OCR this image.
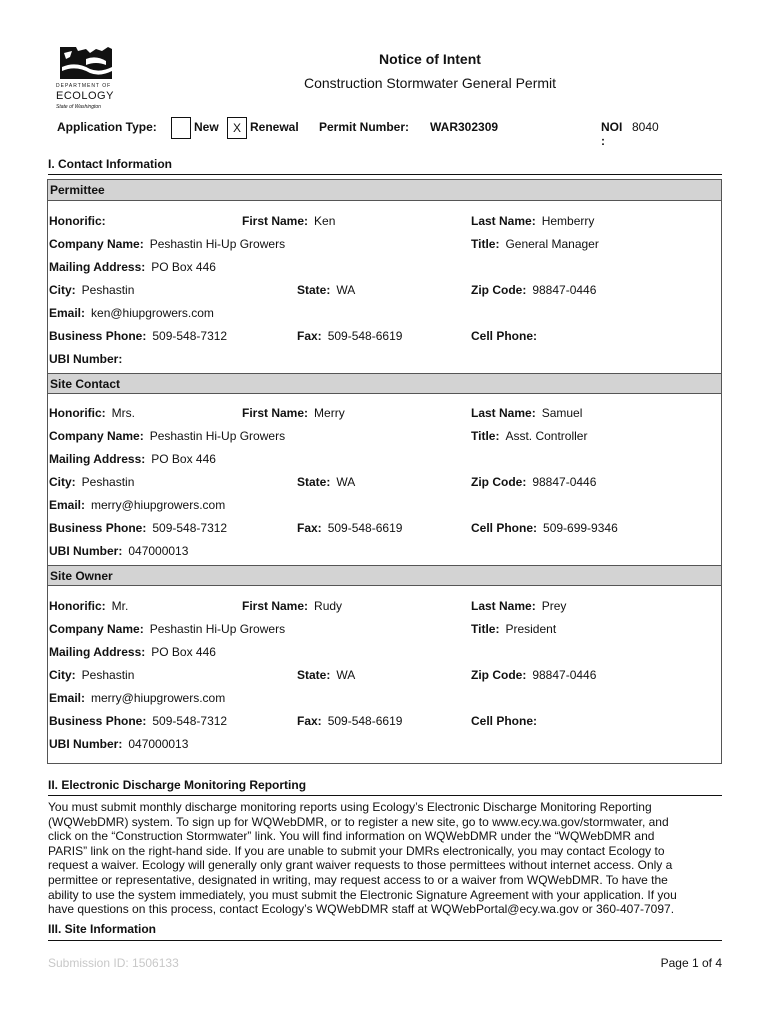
DEPARTMENT OF
ECOLOGY
State of Washington
Notice of Intent
Construction Stormwater General Permit
Application Type:	New	X Renewal Permit Number: WAR302309	NOI
:
8040
I. Contact Information
Permittee
Honorific:	First Name: Ken	Last Name: Hemberry
Company Name: Peshastin Hi-Up Growers	Title: General Manager
Mailing Address: PO Box 446
City: Peshastin	State: WA	Zip Code: 98847-0446
Email: ken@hiupgrowers.com
Business Phone: 509-548-7312	Fax: 509-548-6619	Cell Phone:
UBI Number:
Site Contact
Honorific: Mrs.	First Name: Merry	Last Name: Samuel
Company Name: Peshastin Hi-Up Growers	Title: Asst. Controller
Mailing Address: PO Box 446
City: Peshastin	State: WA	Zip Code: 98847-0446
Email: merry@hiupgrowers.com
Business Phone: 509-548-7312	Fax: 509-548-6619	Cell Phone: 509-699-9346
UBI Number: 047000013
Site Owner
Honorific: Mr.	First Name: Rudy	Last Name: Prey
Company Name: Peshastin Hi-Up Growers	Title: President
Mailing Address: PO Box 446
City: Peshastin	State: WA	Zip Code: 98847-0446
Email: merry@hiupgrowers.com
Business Phone: 509-548-7312	Fax: 509-548-6619	Cell Phone:
UBI Number: 047000013
II. Electronic Discharge Monitoring Reporting
You must submit monthly discharge monitoring reports using Ecology’s Electronic Discharge Monitoring Reporting
(WQWebDMR) system. To sign up for WQWebDMR, or to register a new site, go to www.ecy.wa.gov/stormwater, and
click on the “Construction Stormwater” link. You will find information on WQWebDMR under the “WQWebDMR and
PARIS” link on the right-hand side. If you are unable to submit your DMRs electronically, you may contact Ecology to
request a waiver. Ecology will generally only grant waiver requests to those permittees without internet access. Only a
permittee or representative, designated in writing, may request access to or a waiver from WQWebDMR. To have the
ability to use the system immediately, you must submit the Electronic Signature Agreement with your application. If you
have questions on this process, contact Ecology’s WQWebDMR staff at WQWebPortal@ecy.wa.gov or 360-407-7097.
III. Site Information
Submission ID: 1506133	Page 1 of 4
